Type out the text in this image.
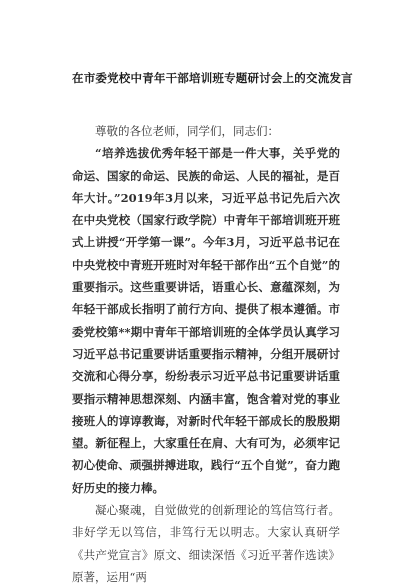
在市委党校中青年干部培训班专题研讨会上的交流发言

尊敬的各位老师，同学们，同志们：

“培养选拔优秀年轻干部是一件大事，关乎党的命运、国家的命运、民族的命运、人民的福祉，是百年大计。”2019年3月以来，习近平总书记先后六次在中央党校（国家行政学院）中青年干部培训班开班式上讲授“开学第一课”。今年3月，习近平总书记在中央党校中青班开班时对年轻干部作出“五个自觉”的重要指示。这些重要讲话，语重心长、意蕴深刻，为年轻干部成长指明了前行方向、提供了根本遵循。市委党校第**期中青年干部培训班的全体学员认真学习习近平总书记重要讲话重要指示精神，分组开展研讨交流和心得分享，纷纷表示习近平总书记重要讲话重要指示精神思想深刻、内涵丰富，饱含着对党的事业接班人的谆谆教诲，对新时代年轻干部成长的殷殷期望。新征程上，大家重任在肩、大有可为，必须牢记初心使命、顽强拼搏进取，践行“五个自觉”，奋力跑好历史的接力棒。

凝心聚魂，自觉做党的创新理论的笃信笃行者。非好学无以笃信，非笃行无以明志。大家认真研学《共产党宣言》原文、细读深悟《习近平著作选读》原著，运用“两
